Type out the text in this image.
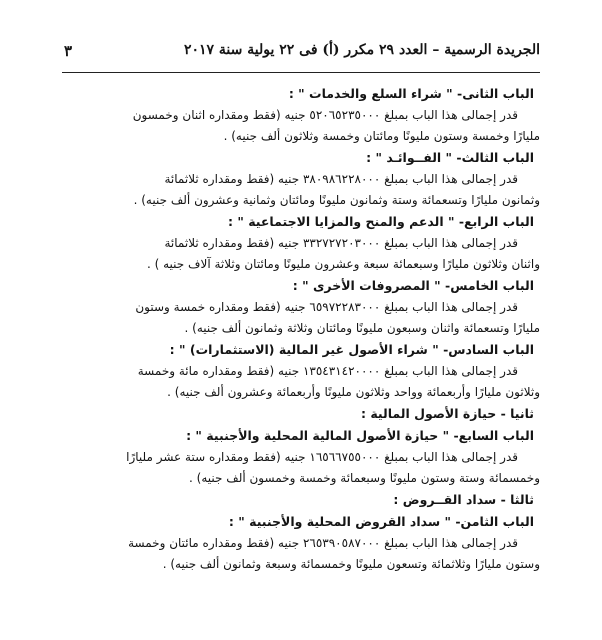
الجريدة الرسمية – العدد ٢٩ مكرر (أ) فى ٢٢ يولية سنة ٢٠١٧
٣
الباب الثانى- " شراء السلع والخدمات " :
قدر إجمالى هذا الباب بمبلغ ٥٢٠٦٥٢٣٥٠٠٠ جنيه (فقط ومقداره اثنان وخمسون
مليارًا وخمسة وستون مليونًا ومائتان وخمسة وثلاثون ألف جنيه) .
الباب الثالث- " الفــوائـد " :
قدر إجمالى هذا الباب بمبلغ ٣٨٠٩٨٦٢٢٨٠٠٠ جنيه (فقط ومقداره ثلاثمائة
وثمانون مليارًا وتسعمائة وستة وثمانون مليونًا ومائتان وثمانية وعشرون ألف جنيه) .
الباب الرابع- " الدعم والمنح والمزايا الاجتماعية " :
قدر إجمالى هذا الباب بمبلغ ٣٣٢٧٢٧٢٠٣٠٠٠ جنيه (فقط ومقداره ثلاثمائة
واثنان وثلاثون مليارًا وسبعمائة سبعة وعشرون مليونًا ومائتان وثلاثة آلاف جنيه ) .
الباب الخامس- " المصروفات الأخرى " :
قدر إجمالى هذا الباب بمبلغ ٦٥٩٧٢٢٨٣٠٠٠ جنيه (فقط ومقداره خمسة وستون
مليارًا وتسعمائة واثنان وسبعون مليونًا ومائتان وثلاثة وثمانون ألف جنيه) .
الباب السادس- " شراء الأصول غير المالية (الاستثمارات) " :
قدر إجمالى هذا الباب بمبلغ ١٣٥٤٣١٤٢٠٠٠٠ جنيه (فقط ومقداره مائة وخمسة
وثلاثون مليارًا وأربعمائة وواحد وثلاثون مليونًا وأربعمائة وعشرون ألف جنيه) .
ثانيا - حيازة الأصول المالية :
الباب السابع- " حيازة الأصول المالية المحلية والأجنبية " :
قدر إجمالى هذا الباب بمبلغ ١٦٥٦٦٧٥٥٠٠٠ جنيه (فقط ومقداره ستة عشر مليارًا
وخمسمائة وستة وستون مليونًا وسبعمائة وخمسة وخمسون ألف جنيه) .
ثالثا - سداد القــروض :
الباب الثامن- " سداد القروض المحلية والأجنبية " :
قدر إجمالى هذا الباب بمبلغ ٢٦٥٣٩٠٥٨٧٠٠٠ جنيه (فقط ومقداره مائتان وخمسة
وستون مليارًا وثلاثمائة وتسعون مليونًا وخمسمائة وسبعة وثمانون ألف جنيه) .
